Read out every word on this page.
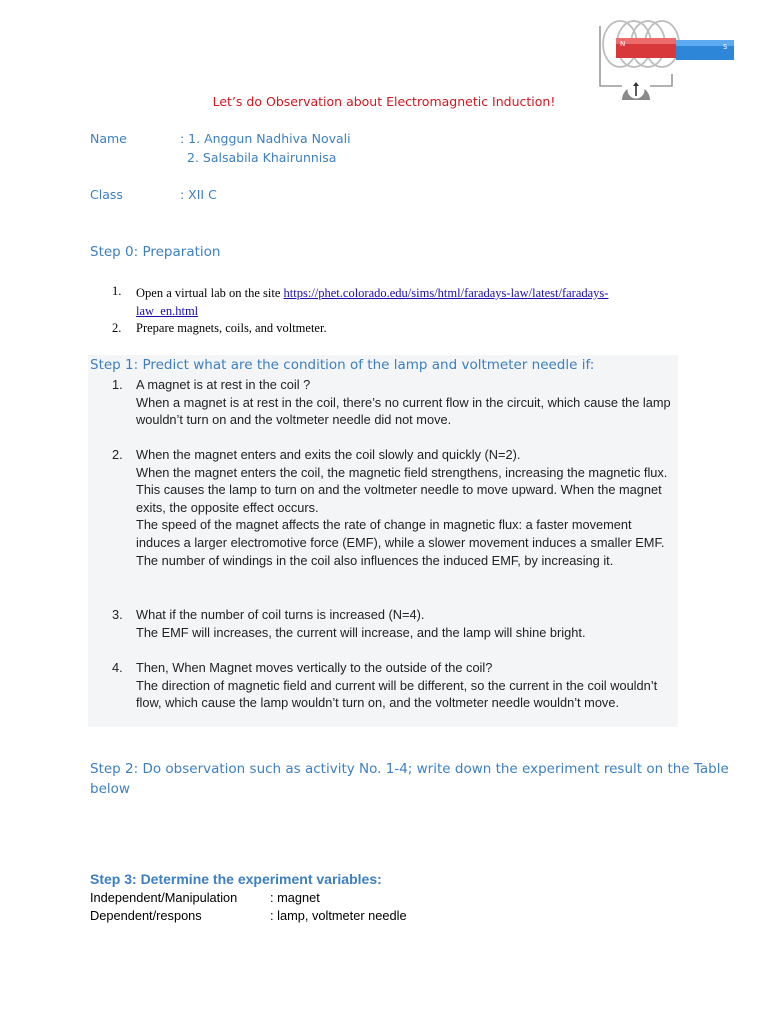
N	S
Let’s do Observation about Electromagnetic Induction!
Name	: 1. Anggun Nadhiva Novali
2. Salsabila Khairunnisa
Class	: XII C
Step 0: Preparation
1. Open a virtual lab on the site https://phet.colorado.edu/sims/html/faradays-law/latest/faradays-
law_en.html
2. Prepare magnets, coils, and voltmeter.
Step 1: Predict what are the condition of the lamp and voltmeter needle if:
1.	A magnet is at rest in the coil ?
When a magnet is at rest in the coil, there’s no current flow in the circuit, which cause the lamp wouldn’t turn on and the voltmeter needle did not move.
2.	When the magnet enters and exits the coil slowly and quickly (N=2).
When the magnet enters the coil, the magnetic field strengthens, increasing the magnetic flux. This causes the lamp to turn on and the voltmeter needle to move upward. When the magnet exits, the opposite effect occurs.
The speed of the magnet affects the rate of change in magnetic flux: a faster movement induces a larger electromotive force (EMF), while a slower movement induces a smaller EMF. The number of windings in the coil also influences the induced EMF, by increasing it.
3.	What if the number of coil turns is increased (N=4).
The EMF will increases, the current will increase, and the lamp will shine bright.
4.	Then, When Magnet moves vertically to the outside of the coil?
The direction of magnetic field and current will be different, so the current in the coil wouldn’t flow, which cause the lamp wouldn’t turn on, and the voltmeter needle wouldn’t move.
Step 2: Do observation such as activity No. 1-4; write down the experiment result on the Table
below
Step 3: Determine the experiment variables:
Independent/Manipulation	: magnet
Dependent/respons	: lamp, voltmeter needle
